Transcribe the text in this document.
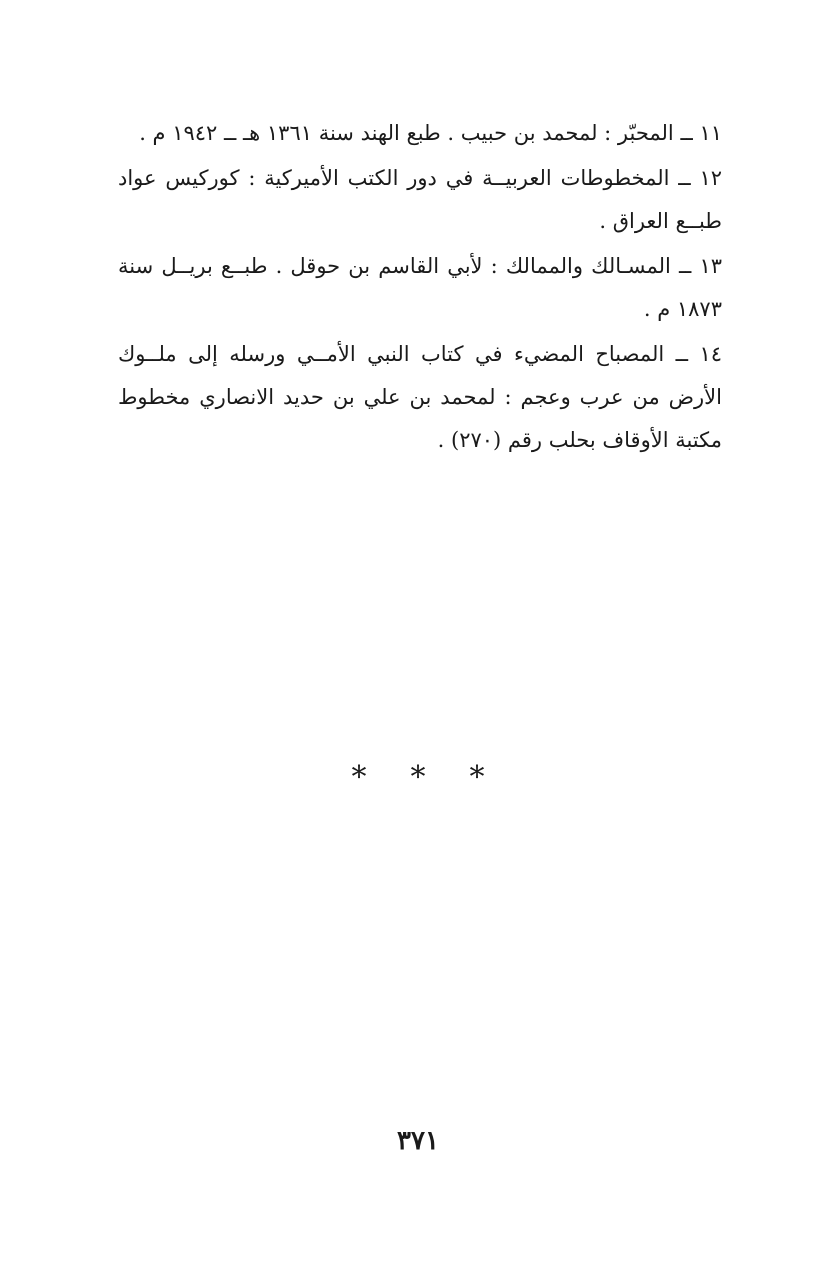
١١ ــ المحبّر : لمحمد بن حبيب . طبع الهند سنة ١٣٦١ هـ ــ ١٩٤٢ م .

١٢ ــ المخطوطات العربيــة في دور الكتب الأميركية : كوركيس عواد طبــع العراق .

١٣ ــ المسـالك والممالك : لأبي القاسم بن حوقل . طبــع بريــل سنة ١٨٧٣ م .

١٤ ــ المصباح المضيء في كتاب النبي الأمــي ورسله إلى ملــوك الأرض من عرب وعجم : لمحمد بن علي بن حديد الانصاري مخطوط مكتبة الأوقاف بحلب رقم (٢٧٠) .

* * *
٣٧١
